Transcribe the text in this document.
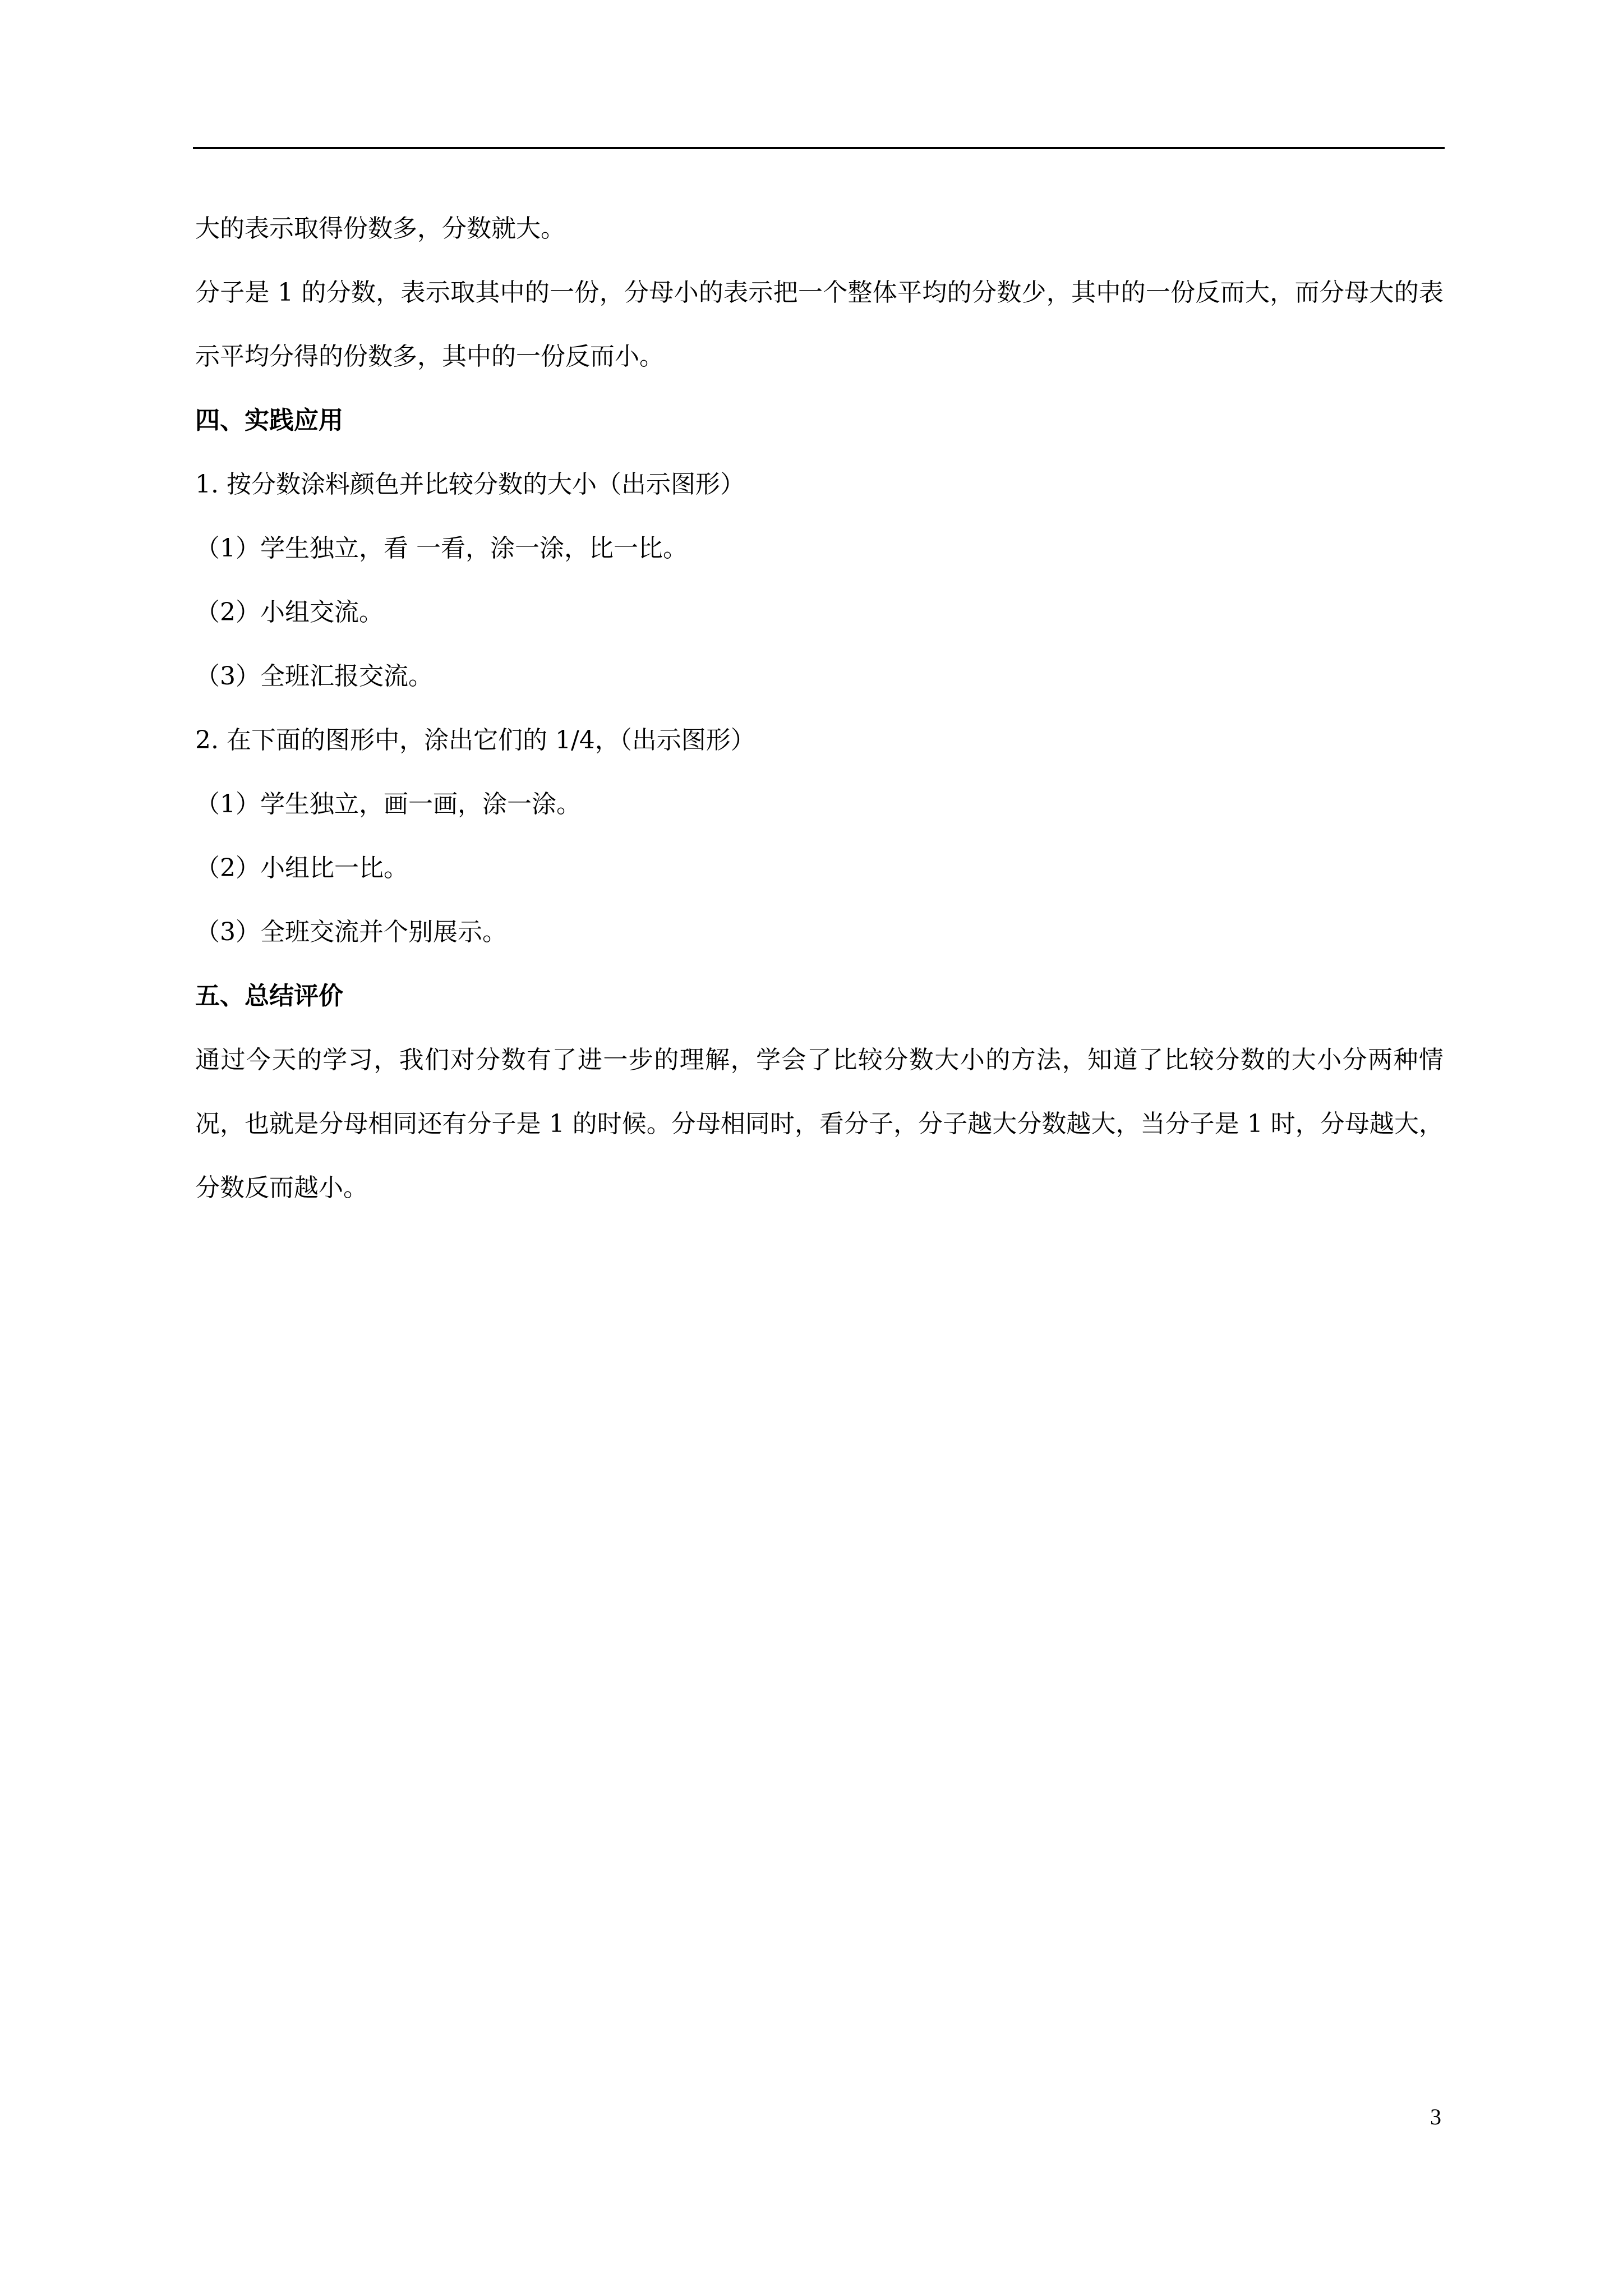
大的表示取得份数多，分数就大。
分子是 1 的分数，表示取其中的一份，分母小的表示把一个整体平均的分数少，其中的一份反而大，而分母大的表示平均分得的份数多，其中的一份反而小。
四、实践应用
1. 按分数涂料颜色并比较分数的大小（出示图形）
（1）学生独立，看 一看，涂一涂，比一比。
（2）小组交流。
（3）全班汇报交流。
2. 在下面的图形中，涂出它们的 1/4，（出示图形）
（1）学生独立，画一画，涂一涂。
（2）小组比一比。
（3）全班交流并个别展示。
五、总结评价
通过今天的学习，我们对分数有了进一步的理解，学会了比较分数大小的方法，知道了比较分数的大小分两种情况，也就是分母相同还有分子是 1 的时候。分母相同时，看分子，分子越大分数越大，当分子是 1 时，分母越大，分数反而越小。
3
